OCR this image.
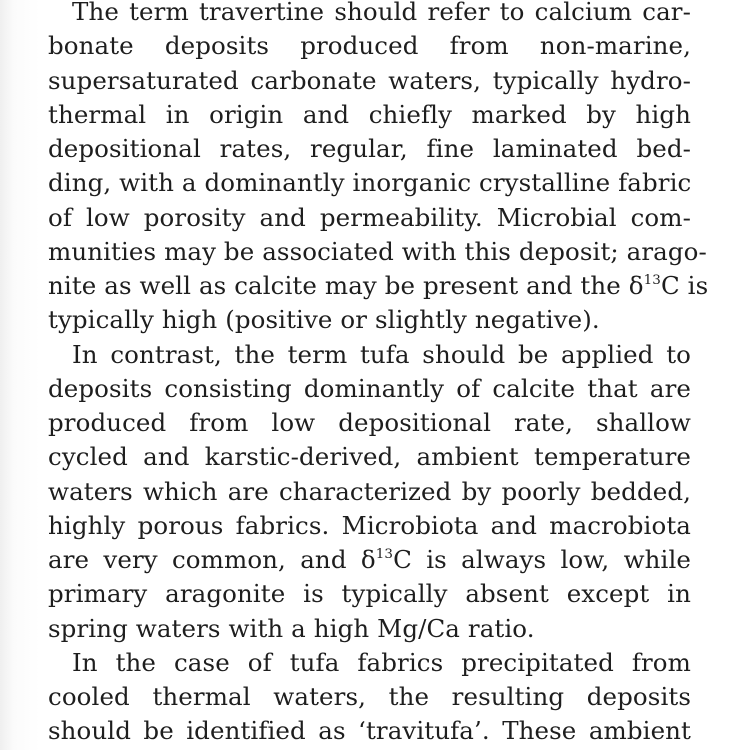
The term travertine should refer to calcium car-
bonate deposits produced from non-marine,
supersaturated carbonate waters, typically hydro-
thermal in origin and chiefly marked by high
depositional rates, regular, fine laminated bed-
ding, with a dominantly inorganic crystalline fabric
of low porosity and permeability. Microbial com-
munities may be associated with this deposit; arago-
nite as well as calcite may be present and the $\delta^{13}C$ is
typically high (positive or slightly negative).
In contrast, the term tufa should be applied to
deposits consisting dominantly of calcite that are
produced from low depositional rate, shallow
cycled and karstic-derived, ambient temperature
waters which are characterized by poorly bedded,
highly porous fabrics. Microbiota and macrobiota
are very common, and $\delta^{13}C$ is always low, while
primary aragonite is typically absent except in
spring waters with a high Mg/Ca ratio.
In the case of tufa fabrics precipitated from
cooled thermal waters, the resulting deposits
should be identified as ‘travitufa’. These ambient
